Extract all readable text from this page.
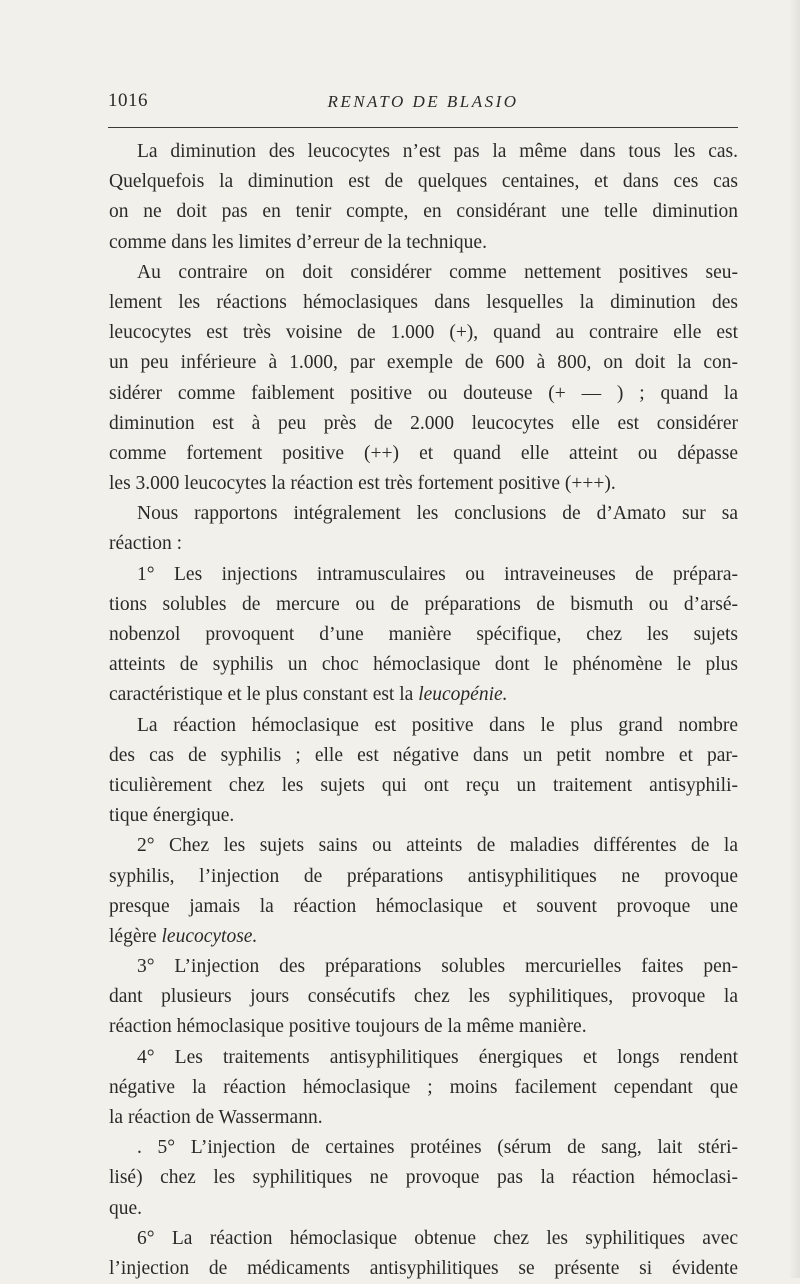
1016	RENATO DE BLASIO
La diminution des leucocytes n’est pas la même dans tous les cas.
Quelquefois la diminution est de quelques centaines, et dans ces cas
on ne doit pas en tenir compte, en considérant une telle diminution
comme dans les limites d’erreur de la technique.
Au contraire on doit considérer comme nettement positives seu-
lement les réactions hémoclasiques dans lesquelles la diminution des
leucocytes est très voisine de 1.000 (+), quand au contraire elle est
un peu inférieure à 1.000, par exemple de 600 à 800, on doit la con-
sidérer comme faiblement positive ou douteuse (+ — ) ; quand la
diminution est à peu près de 2.000 leucocytes elle est considérer
comme fortement positive (++) et quand elle atteint ou dépasse
les 3.000 leucocytes la réaction est très fortement positive (+++).
Nous rapportons intégralement les conclusions de d’Amato sur sa
réaction :
1° Les injections intramusculaires ou intraveineuses de prépara-
tions solubles de mercure ou de préparations de bismuth ou d’arsé-
nobenzol provoquent d’une manière spécifique, chez les sujets
atteints de syphilis un choc hémoclasique dont le phénomène le plus
caractéristique et le plus constant est la leucopénie.
La réaction hémoclasique est positive dans le plus grand nombre
des cas de syphilis ; elle est négative dans un petit nombre et par-
ticulièrement chez les sujets qui ont reçu un traitement antisyphili-
tique énergique.
2° Chez les sujets sains ou atteints de maladies différentes de la
syphilis, l’injection de préparations antisyphilitiques ne provoque
presque jamais la réaction hémoclasique et souvent provoque une
légère leucocytose.
3° L’injection des préparations solubles mercurielles faites pen-
dant plusieurs jours consécutifs chez les syphilitiques, provoque la
réaction hémoclasique positive toujours de la même manière.
4° Les traitements antisyphilitiques énergiques et longs rendent
négative la réaction hémoclasique ; moins facilement cependant que
la réaction de Wassermann.
. 5° L’injection de certaines protéines (sérum de sang, lait stéri-
lisé) chez les syphilitiques ne provoque pas la réaction hémoclasi-
que.
6° La réaction hémoclasique obtenue chez les syphilitiques avec
l’injection de médicaments antisyphilitiques se présente si évidente
